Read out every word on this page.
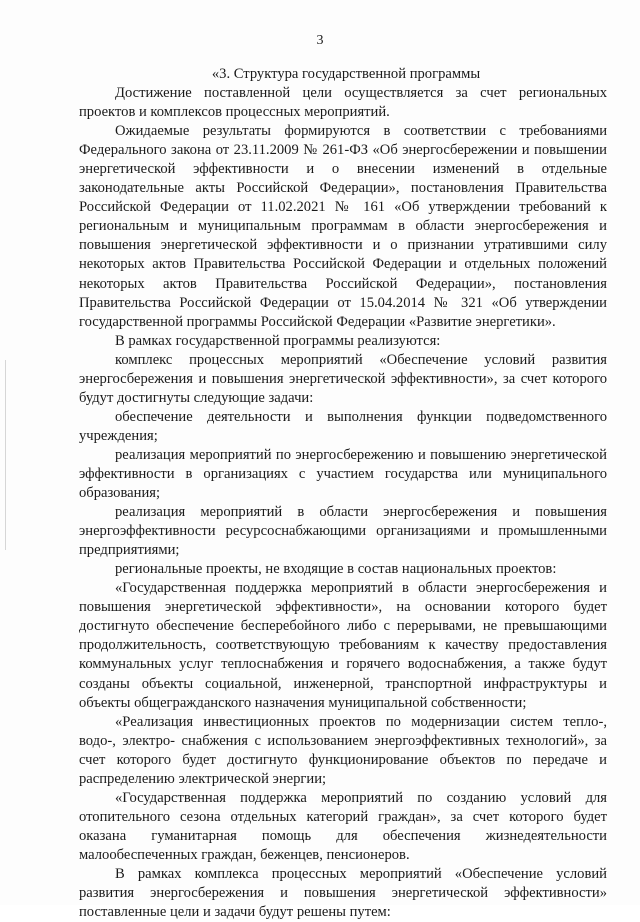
3

«3. Структура государственной программы

Достижение поставленной цели осуществляется за счет региональных проектов и комплексов процессных мероприятий.

Ожидаемые результаты формируются в соответствии с требованиями Федерального закона от 23.11.2009 № 261-ФЗ «Об энергосбережении и повышении энергетической эффективности и о внесении изменений в отдельные законодательные акты Российской Федерации», постановления Правительства Российской Федерации от 11.02.2021 № 161 «Об утверждении требований к региональным и муниципальным программам в области энергосбережения и повышения энергетической эффективности и о признании утратившими силу некоторых актов Правительства Российской Федерации и отдельных положений некоторых актов Правительства Российской Федерации», постановления Правительства Российской Федерации от 15.04.2014 № 321 «Об утверждении государственной программы Российской Федерации «Развитие энергетики».

В рамках государственной программы реализуются:

комплекс процессных мероприятий «Обеспечение условий развития энергосбережения и повышения энергетической эффективности», за счет которого будут достигнуты следующие задачи:

обеспечение деятельности и выполнения функции подведомственного учреждения;

реализация мероприятий по энергосбережению и повышению энергетической эффективности в организациях с участием государства или муниципального образования;

реализация мероприятий в области энергосбережения и повышения энергоэффективности ресурсоснабжающими организациями и промышленными предприятиями;

региональные проекты, не входящие в состав национальных проектов:

«Государственная поддержка мероприятий в области энергосбережения и повышения энергетической эффективности», на основании которого будет достигнуто обеспечение бесперебойного либо с перерывами, не превышающими продолжительность, соответствующую требованиям к качеству предоставления коммунальных услуг теплоснабжения и горячего водоснабжения, а также будут созданы объекты социальной, инженерной, транспортной инфраструктуры и объекты общегражданского назначения муниципальной собственности;

«Реализация инвестиционных проектов по модернизации систем тепло-, водо-, электро- снабжения с использованием энергоэффективных технологий», за счет которого будет достигнуто функционирование объектов по передаче и распределению электрической энергии;

«Государственная поддержка мероприятий по созданию условий для отопительного сезона отдельных категорий граждан», за счет которого будет оказана гуманитарная помощь для обеспечения жизнедеятельности малообеспеченных граждан, беженцев, пенсионеров.

В рамках комплекса процессных мероприятий «Обеспечение условий развития энергосбережения и повышения энергетической эффективности» поставленные цели и задачи будут решены путем:
